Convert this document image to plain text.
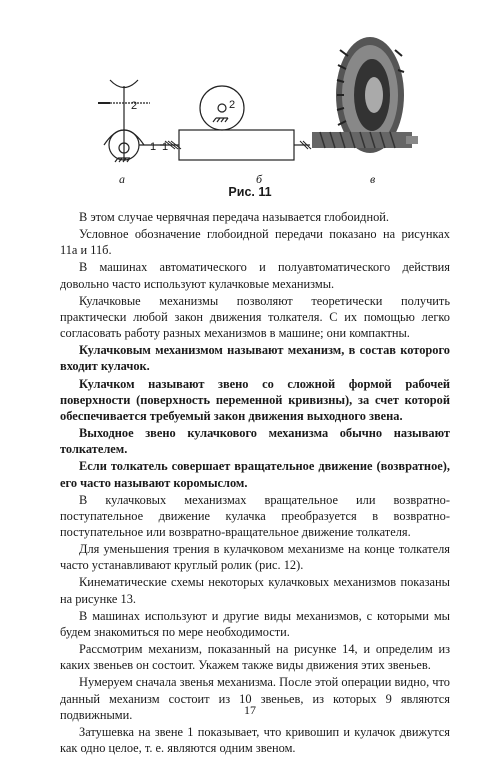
2
1
2
1
а	б	в
Рис. 11

В этом случае червячная передача называется глобоидной.

Условное обозначение глобоидной передачи показано на рисунках 11а и 11б.

В машинах автоматического и полуавтоматического действия довольно часто используют кулачковые механизмы.

Кулачковые механизмы позволяют теоретически получить практически любой закон движения толкателя. С их помощью легко согласовать работу разных механизмов в машине; они компактны.

Кулачковым механизмом называют механизм, в состав которого входит кулачок.

Кулачком называют звено со сложной формой рабочей поверхности (поверхность переменной кривизны), за счет которой обеспечивается требуемый закон движения выходного звена.

Выходное звено кулачкового механизма обычно называют толкателем.

Если толкатель совершает вращательное движение (возвратное), его часто называют коромыслом.

В кулачковых механизмах вращательное или возвратно-поступательное движение кулачка преобразуется в возвратно-поступательное или возвратно-вращательное движение толкателя.

Для уменьшения трения в кулачковом механизме на конце толкателя часто устанавливают круглый ролик (рис. 12).

Кинематические схемы некоторых кулачковых механизмов показаны на рисунке 13.

В машинах используют и другие виды механизмов, с которыми мы будем знакомиться по мере необходимости.

Рассмотрим механизм, показанный на рисунке 14, и определим из каких звеньев он состоит. Укажем также виды движения этих звеньев.

Нумеруем сначала звенья механизма. После этой операции видно, что данный механизм состоит из 10 звеньев, из которых 9 являются подвижными.

Затушевка на звене 1 показывает, что кривошип и кулачок движутся как одно целое, т. е. являются одним звеном.

17
